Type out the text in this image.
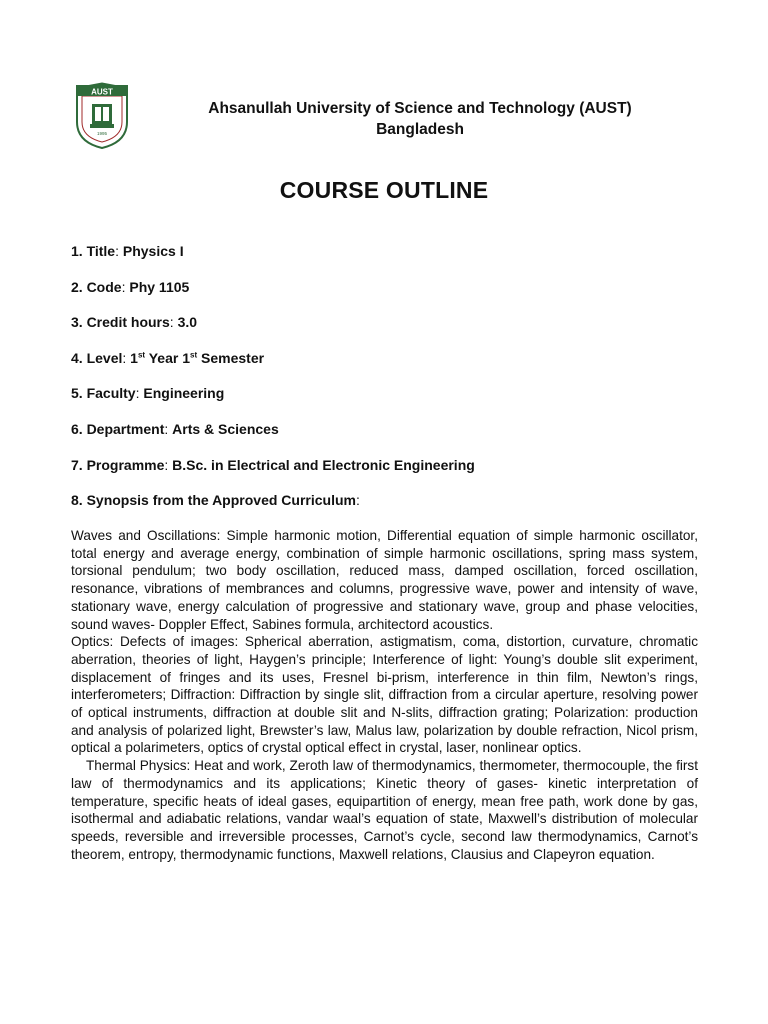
AUST
1995
Ahsanullah University of Science and Technology (AUST)
Bangladesh
COURSE OUTLINE
1. Title: Physics I
2. Code: Phy 1105
3. Credit hours: 3.0
4. Level: 1st Year 1st Semester
5. Faculty: Engineering
6. Department: Arts & Sciences
7. Programme: B.Sc. in Electrical and Electronic Engineering
8. Synopsis from the Approved Curriculum:

Waves and Oscillations: Simple harmonic motion, Differential equation of simple harmonic oscillator, total energy and average energy, combination of simple harmonic oscillations, spring mass system, torsional pendulum; two body oscillation, reduced mass, damped oscillation, forced oscillation, resonance, vibrations of membrances and columns, progressive wave, power and intensity of wave, stationary wave, energy calculation of progressive and stationary wave, group and phase velocities, sound waves- Doppler Effect, Sabines formula, architectord acoustics.

Optics: Defects of images: Spherical aberration, astigmatism, coma, distortion, curvature, chromatic aberration, theories of light, Haygen’s principle; Interference of light: Young’s double slit experiment, displacement of fringes and its uses, Fresnel bi-prism, interference in thin film, Newton’s rings, interferometers; Diffraction: Diffraction by single slit, diffraction from a circular aperture, resolving power of optical instruments, diffraction at double slit and N-slits, diffraction grating; Polarization: production and analysis of polarized light, Brewster’s law, Malus law, polarization by double refraction, Nicol prism, optical a polarimeters, optics of crystal optical effect in crystal, laser, nonlinear optics.

Thermal Physics: Heat and work, Zeroth law of thermodynamics, thermometer, thermocouple, the first law of thermodynamics and its applications; Kinetic theory of gases- kinetic interpretation of temperature, specific heats of ideal gases, equipartition of energy, mean free path, work done by gas, isothermal and adiabatic relations, vandar waal’s equation of state, Maxwell’s distribution of molecular speeds, reversible and irreversible processes, Carnot’s cycle, second law thermodynamics, Carnot’s theorem, entropy, thermodynamic functions, Maxwell relations, Clausius and Clapeyron equation.
